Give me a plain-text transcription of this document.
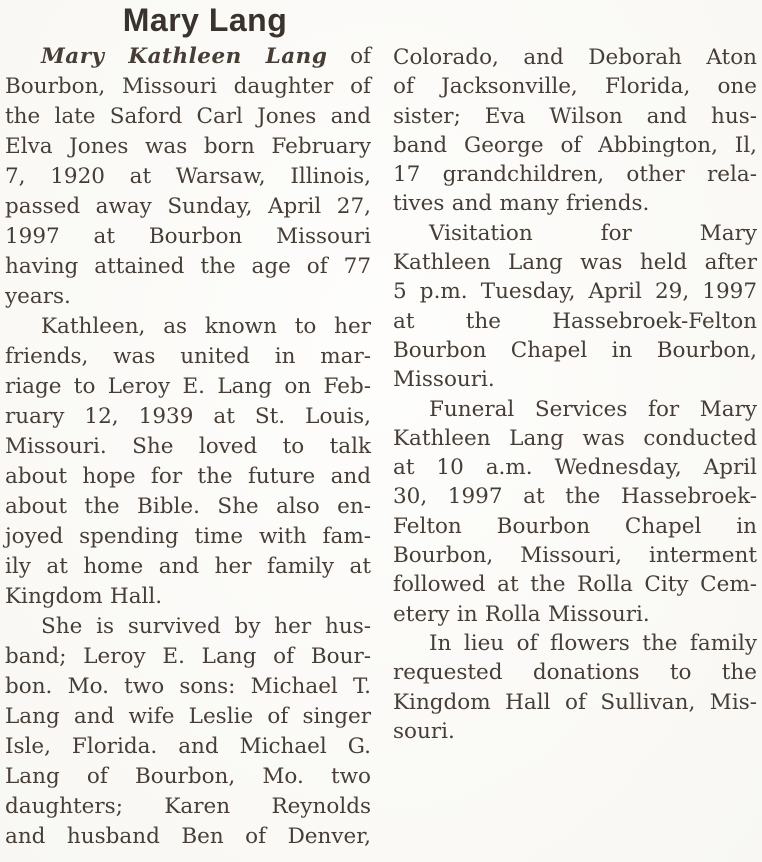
Mary Lang
Mary Kathleen Lang of
Bourbon, Missouri daughter of
the late Saford Carl Jones and
Elva Jones was born February
7, 1920 at Warsaw, Illinois,
passed away Sunday, April 27,
1997 at Bourbon Missouri
having attained the age of 77
years.
Kathleen, as known to her
friends, was united in mar-
riage to Leroy E. Lang on Feb-
ruary 12, 1939 at St. Louis,
Missouri. She loved to talk
about hope for the future and
about the Bible. She also en-
joyed spending time with fam-
ily at home and her family at
Kingdom Hall.
She is survived by her hus-
band; Leroy E. Lang of Bour-
bon. Mo. two sons: Michael T.
Lang and wife Leslie of singer
Isle, Florida. and Michael G.
Lang of Bourbon, Mo. two
daughters; Karen Reynolds
and husband Ben of Denver,
Colorado, and Deborah Aton
of Jacksonville, Florida, one
sister; Eva Wilson and hus-
band George of Abbington, Il,
17 grandchildren, other rela-
tives and many friends.
Visitation for Mary
Kathleen Lang was held after
5 p.m. Tuesday, April 29, 1997
at the Hassebroek-Felton
Bourbon Chapel in Bourbon,
Missouri.
Funeral Services for Mary
Kathleen Lang was conducted
at 10 a.m. Wednesday, April
30, 1997 at the Hassebroek-
Felton Bourbon Chapel in
Bourbon, Missouri, interment
followed at the Rolla City Cem-
etery in Rolla Missouri.
In lieu of flowers the family
requested donations to the
Kingdom Hall of Sullivan, Mis-
souri.
